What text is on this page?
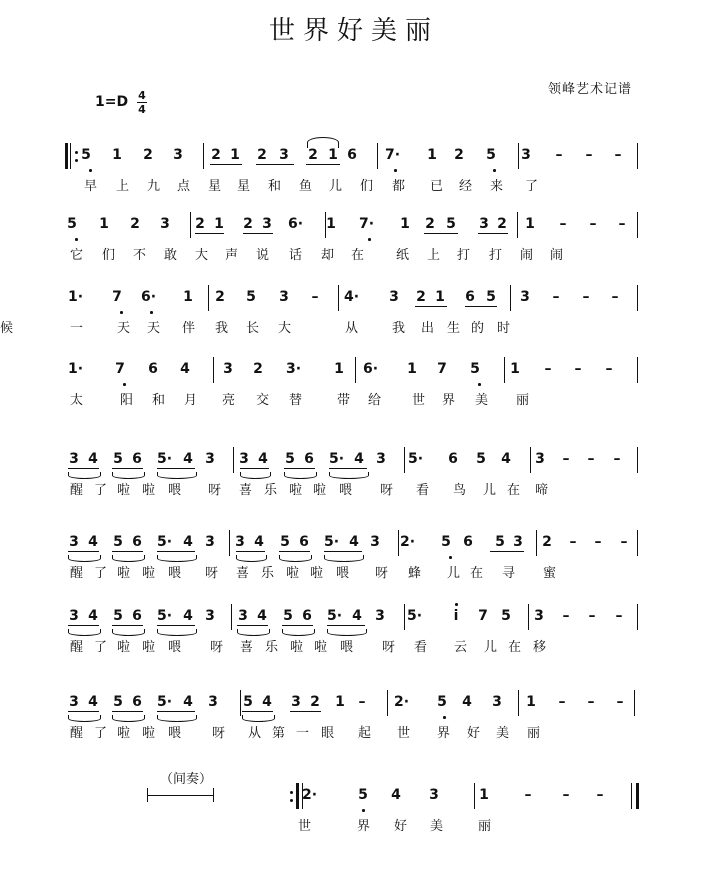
世界好美丽
领峰艺术记谱
1=D 4
4
5 1 2 3 2 1 2 3 2 1 6 7· 1 2 5 3 – – –
早 上 九 点 星 星 和 鱼 儿 们 都 已 经 来 了
5 1 2 3 2 1 2 3 6· 1 7· 1 2 5 3 2 1 – – –
它 们 不 敢 大 声 说 话 却 在 纸 上 打 打 闹 闹
1· 7 6· 1 2 5 3 – 4· 3 2 1 6 5 3 – – –
一	天 天 伴 我 长 大	从	我 出 生 的 时
候
1· 7 6 4 3 2 3· 1 6· 1 7 5 1 – – –
太	阳 和 月 亮 交 替	带 给 世 界 美 丽
3 4 5 6 5· 4 3 3 4 5 6 5· 4 3 5· 6 5 4 3 – – –
醒 了 啦 啦 喂 呀 喜 乐 啦 啦 喂 呀 看 鸟 儿 在 啼
3 4 5 6 5· 4 3 3 4 5 6 5· 4 3 2· 5 6 5 3 2 – – –
醒 了 啦 啦 喂 呀 喜 乐 啦 啦 喂 呀 蜂 儿 在 寻 蜜
3 4 5 6 5· 4 3 3 4 5 6 5· 4 3 5· i 7 5 3 – – –
醒 了 啦 啦 喂 呀 喜 乐 啦 啦 喂 呀 看 云 儿 在 移
3 4 5 6 5· 4 3 5 4 3 2 1 – 2· 5 4 3 1 – – –
醒 了 啦 啦 喂 呀 从 第 一 眼 起 世 界 好 美 丽
2·	5 4 3	1	– – –
世	界 好 美	丽
（间奏）
